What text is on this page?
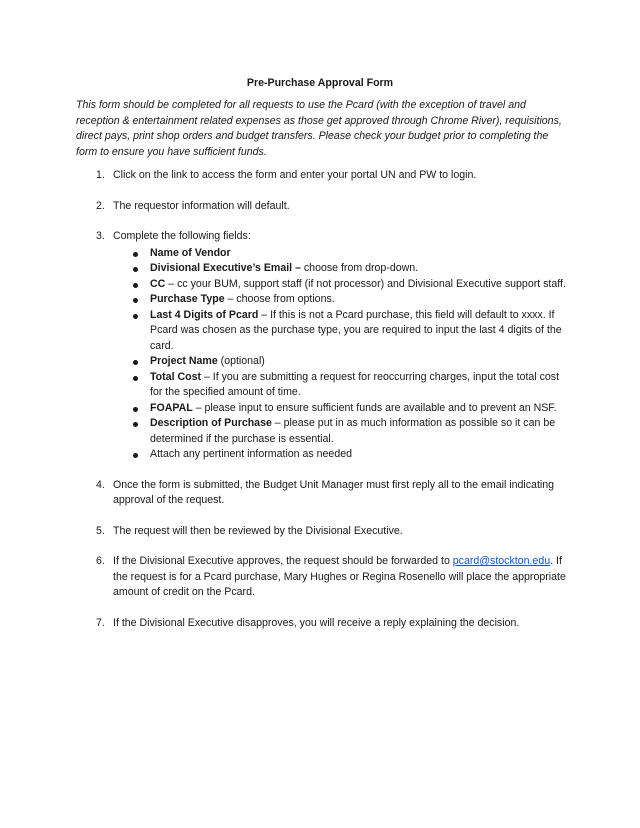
Pre-Purchase Approval Form

This form should be completed for all requests to use the Pcard (with the exception of travel and reception & entertainment related expenses as those get approved through Chrome River), requisitions, direct pays, print shop orders and budget transfers. Please check your budget prior to completing the form to ensure you have sufficient funds.

1. Click on the link to access the form and enter your portal UN and PW to login.
2. The requestor information will default.
3. Complete the following fields:
Name of Vendor
Divisional Executive’s Email – choose from drop-down.
CC – cc your BUM, support staff (if not processor) and Divisional Executive support staff.
Purchase Type – choose from options.
Last 4 Digits of Pcard – If this is not a Pcard purchase, this field will default to xxxx. If Pcard was chosen as the purchase type, you are required to input the last 4 digits of the card.
Project Name (optional)
Total Cost – If you are submitting a request for reoccurring charges, input the total cost for the specified amount of time.
FOAPAL – please input to ensure sufficient funds are available and to prevent an NSF.
Description of Purchase – please put in as much information as possible so it can be determined if the purchase is essential.
Attach any pertinent information as needed
4. Once the form is submitted, the Budget Unit Manager must first reply all to the email indicating approval of the request.
5. The request will then be reviewed by the Divisional Executive.
6. If the Divisional Executive approves, the request should be forwarded to pcard@stockton.edu. If the request is for a Pcard purchase, Mary Hughes or Regina Rosenello will place the appropriate amount of credit on the Pcard.
7. If the Divisional Executive disapproves, you will receive a reply explaining the decision.
